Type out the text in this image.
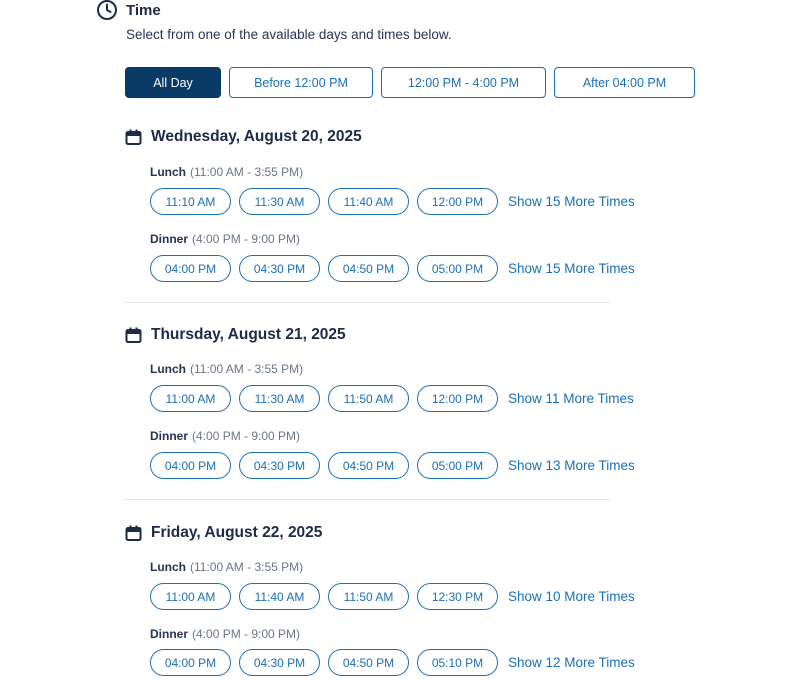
Time
Select from one of the available days and times below.
All Day	Before 12:00 PM	12:00 PM - 4:00 PM	After 04:00 PM
Wednesday, August 20, 2025
Lunch (11:00 AM - 3:55 PM)
11:10 AM	11:30 AM	11:40 AM	12:00 PM	Show 15 More Times
Dinner (4:00 PM - 9:00 PM)
04:00 PM	04:30 PM	04:50 PM	05:00 PM	Show 15 More Times
Thursday, August 21, 2025
Lunch (11:00 AM - 3:55 PM)
11:00 AM	11:30 AM	11:50 AM	12:00 PM	Show 11 More Times
Dinner (4:00 PM - 9:00 PM)
04:00 PM	04:30 PM	04:50 PM	05:00 PM	Show 13 More Times
Friday, August 22, 2025
Lunch (11:00 AM - 3:55 PM)
11:00 AM	11:40 AM	11:50 AM	12:30 PM	Show 10 More Times
Dinner (4:00 PM - 9:00 PM)
04:00 PM	04:30 PM	04:50 PM	05:10 PM	Show 12 More Times
